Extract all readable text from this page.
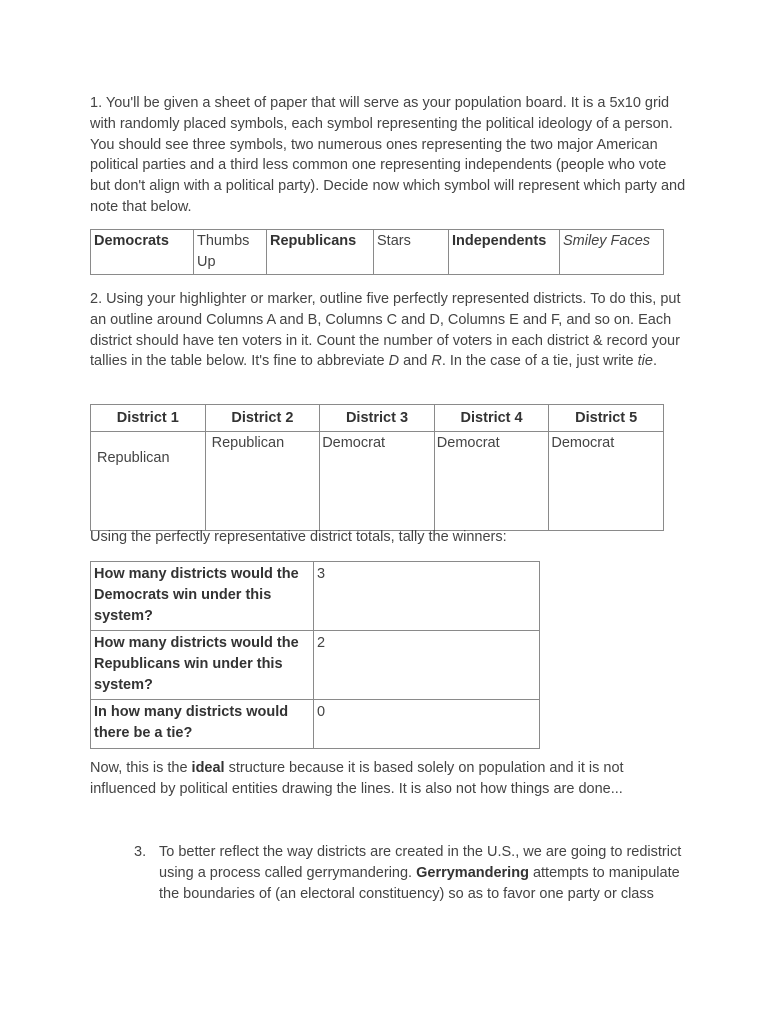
1. You'll be given a sheet of paper that will serve as your population board. It is a 5x10 grid with randomly placed symbols, each symbol representing the political ideology of a person. You should see three symbols, two numerous ones representing the two major American political parties and a third less common one representing independents (people who vote but don't align with a political party). Decide now which symbol will represent which party and note that below.

Democrats	Thumbs Up	Republicans	Stars	Independents	Smiley Faces

2. Using your highlighter or marker, outline five perfectly represented districts. To do this, put an outline around Columns A and B, Columns C and D, Columns E and F, and so on. Each district should have ten voters in it. Count the number of voters in each district & record your tallies in the table below. It's fine to abbreviate D and R. In the case of a tie, just write tie.

District 1	District 2	District 3	District 4	District 5
Republican	Republican	Democrat	Democrat	Democrat

Using the perfectly representative district totals, tally the winners:

How many districts would the Democrats win under this system?	3
How many districts would the Republicans win under this system?	2
In how many districts would there be a tie?	0

Now, this is the ideal structure because it is based solely on population and it is not influenced by political entities drawing the lines. It is also not how things are done...

3. To better reflect the way districts are created in the U.S., we are going to redistrict using a process called gerrymandering. Gerrymandering attempts to manipulate the boundaries of (an electoral constituency) so as to favor one party or class
